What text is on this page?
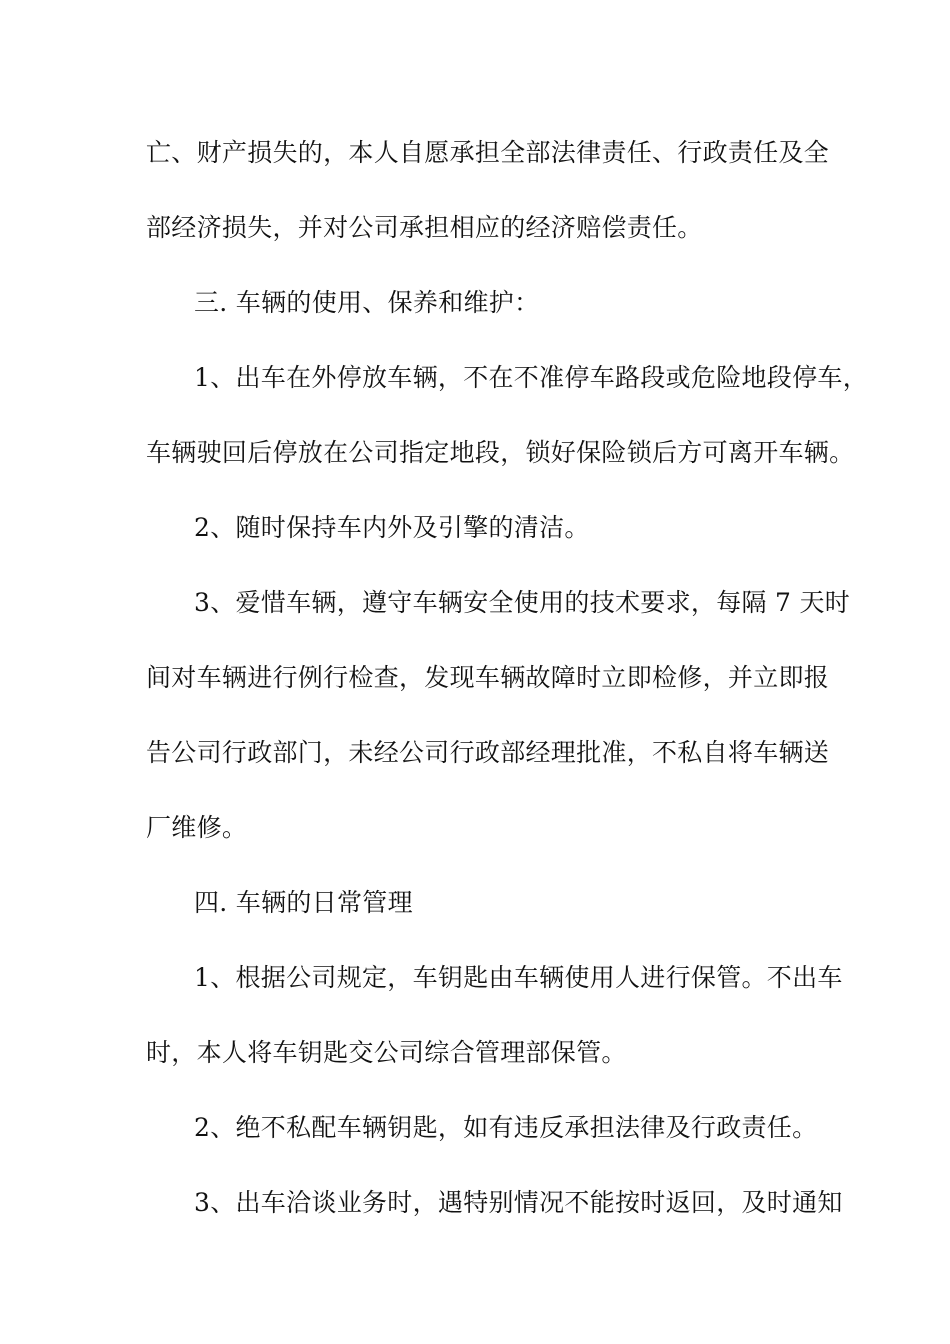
亡、财产损失的，本人自愿承担全部法律责任、行政责任及全
部经济损失，并对公司承担相应的经济赔偿责任。
三. 车辆的使用、保养和维护：
1、出车在外停放车辆，不在不准停车路段或危险地段停车，
车辆驶回后停放在公司指定地段，锁好保险锁后方可离开车辆。
2、随时保持车内外及引擎的清洁。
3、爱惜车辆，遵守车辆安全使用的技术要求，每隔 7 天时
间对车辆进行例行检查，发现车辆故障时立即检修，并立即报
告公司行政部门，未经公司行政部经理批准，不私自将车辆送
厂维修。
四. 车辆的日常管理
1、根据公司规定，车钥匙由车辆使用人进行保管。不出车
时，本人将车钥匙交公司综合管理部保管。
2、绝不私配车辆钥匙，如有违反承担法律及行政责任。
3、出车洽谈业务时，遇特别情况不能按时返回，及时通知
